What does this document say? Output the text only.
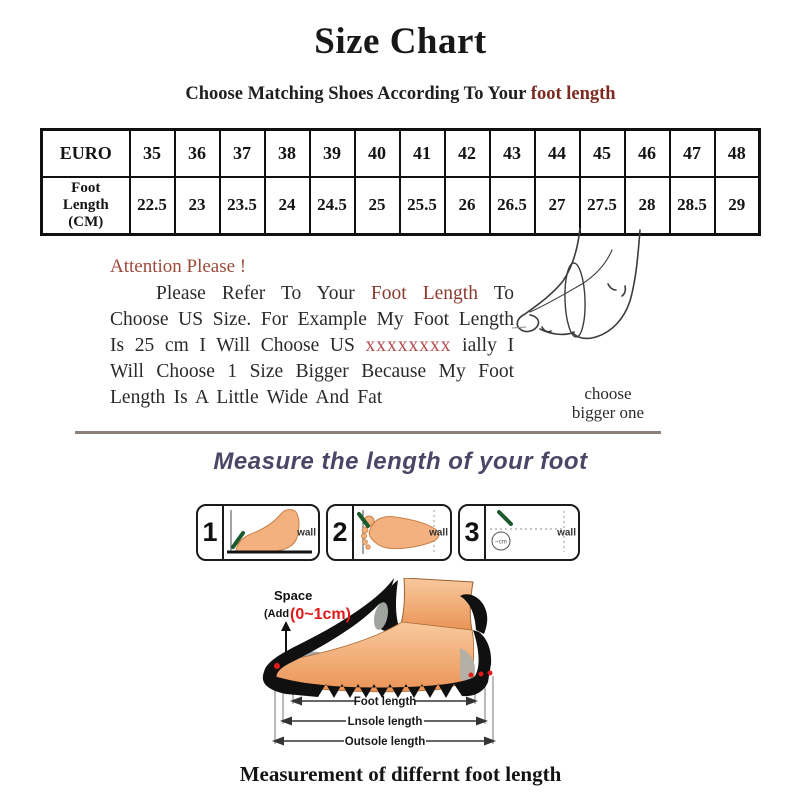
Size Chart
Choose Matching Shoes According To Your foot length
EURO	35	36	37	38	39	40	41	42	43	44	45	46	47	48
Foot Length (CM)	22.5	23	23.5	24	24.5	25	25.5	26	26.5	27	27.5	28	28.5	29

Attention Please !

Please Refer To Your Foot Length To Choose US Size. For Example My Foot Length Is 25 cm I Will Choose US xxxxxxxx ially I Will Choose 1 Size Bigger Because My Foot Length Is A Little Wide And Fat	choose
bigger one
Measure the length of your foot
1	wall 2	wall 3	~cm
wall
Space
(Add (0~1cm)
Foot length
Lnsole length
Outsole length
Measurement of differnt foot length
